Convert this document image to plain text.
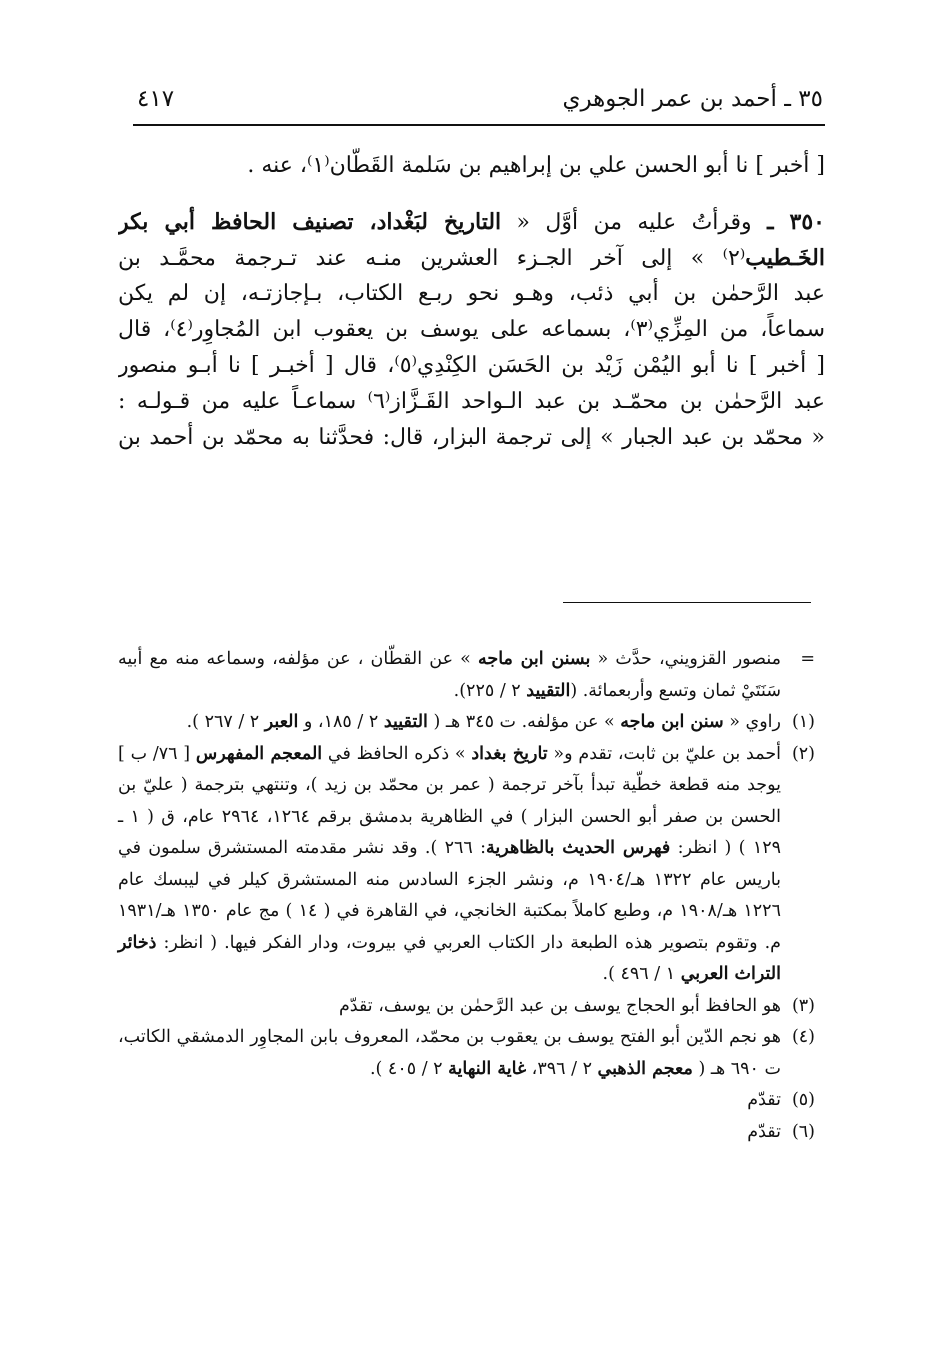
٣٥ ـ أحمد بن عمر الجوهري
٤١٧
[ أخبر ] نا أبو الحسن علي بن إبراهيم بن سَلمة القَطّان⁽١⁾، عنه .
٣٥٠ ـ وقرأتُ عليه من أوَّل « التاريخ لبَغْداد، تصنيف الحافظ أبي بكر
الخَـطيب⁽٢⁾ » إلى آخر الجـزء العشرين منـه عند تـرجمة محمَّـد بن
عبد الرَّحمٰن بن أبي ذئب، وهـو نحو ربـع الكتاب، بـإجازتـه، إن لم يكن
سماعاً، من المِزِّي⁽٣⁾، بسماعه على يوسف بن يعقوب ابن المُجاوِر⁽٤⁾، قال
[ أخبر ] نا أبو اليُمْن زَيْد بن الحَسَن الكِنْدِي⁽٥⁾، قال [ أخبـر ] نا أبـو منصور
عبد الرَّحمٰن بن محمّـد بن عبد الـواحد القَـزَّاز⁽٦⁾ سماعـاً عليه من قـولـه :
« محمّد بن عبد الجبار » إلى ترجمة البزار، قال: فحدَّثنا به محمّد بن أحمد بن
=
منصور القزويني، حدَّث « بسنن ابن ماجه » عن القطّان ، عن مؤلفه، وسماعه منه مع أبيه سَنَتَيْ ثمان وتسع وأربعمائة. (التقييد ٢ / ٢٢٥).
(١)
راوي « سنن ابن ماجه » عن مؤلفه. ت ٣٤٥ هـ ( التقييد ٢ / ١٨٥، و العبر ٢ / ٢٦٧ ).
(٢)
أحمد بن عليّ بن ثابت، تقدم و« تاريخ بغداد » ذكره الحافظ في المعجم المفهرس [ ٧٦/ ب ] يوجد منه قطعة خطّية تبدأ بآخر ترجمة ( عمر بن محمّد بن زيد )، وتنتهي بترجمة ( عليّ بن الحسن بن صفر أبو الحسن البزار ) في الظاهرية بدمشق برقم ١٢٦٤، ٢٩٦٤ عام، ق ( ١ ـ ١٢٩ ) ( انظر: فهرس الحديث بالظاهرية: ٢٦٦ ). وقد نشر مقدمته المستشرق سلمون في باريس عام ١٣٢٢ هـ/١٩٠٤ م، ونشر الجزء السادس منه المستشرق كيلر في ليبسك عام ١٢٢٦ هـ/١٩٠٨ م، وطبع كاملاً بمكتبة الخانجي، في القاهرة في ( ١٤ ) مج عام ١٣٥٠ هـ/١٩٣١ م. وتقوم بتصوير هذه الطبعة دار الكتاب العربي في بيروت، ودار الفكر فيها. ( انظر: ذخائر التراث العربي ١ / ٤٩٦ ).
(٣)
هو الحافظ أبو الحجاج يوسف بن عبد الرَّحمٰن بن يوسف، تقدّم
(٤)
هو نجم الدّين أبو الفتح يوسف بن يعقوب بن محمّد، المعروف بابن المجاوِر الدمشقي الكاتب، ت ٦٩٠ هـ ( معجم الذهبي ٢ / ٣٩٦، غاية النهاية ٢ / ٤٠٥ ).
(٥)
تقدّم
(٦)
تقدّم
